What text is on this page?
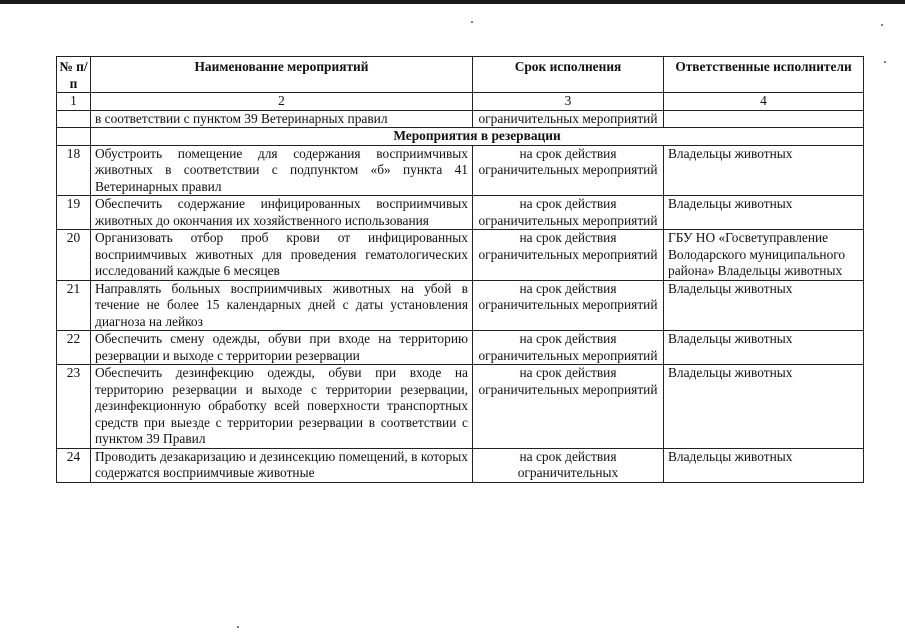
№ п/п	Наименование мероприятий	Срок исполнения	Ответственные исполнители
1	2	3	4
	в соответствии с пунктом 39 Ветеринарных правил	ограничительных мероприятий	
	Мероприятия в резервации		
18	Обустроить помещение для содержания восприимчивых животных в соответствии с подпунктом «б» пункта 41 Ветеринарных правил	на срок действия ограничительных мероприятий	Владельцы животных
19	Обеспечить содержание инфицированных восприимчивых животных до окончания их хозяйственного использования	на срок действия ограничительных мероприятий	Владельцы животных
20	Организовать отбор проб крови от инфицированных восприимчивых животных для проведения гематологических исследований каждые 6 месяцев	на срок действия ограничительных мероприятий	ГБУ НО «Госветуправление Володарского муниципального района» Владельцы животных
21	Направлять больных восприимчивых животных на убой в течение не более 15 календарных дней с даты установления диагноза на лейкоз	на срок действия ограничительных мероприятий	Владельцы животных
22	Обеспечить смену одежды, обуви при входе на территорию резервации и выходе с территории резервации	на срок действия ограничительных мероприятий	Владельцы животных
23	Обеспечить дезинфекцию одежды, обуви при входе на территорию резервации и выходе с территории резервации, дезинфекционную обработку всей поверхности транспортных средств при выезде с территории резервации в соответствии с пунктом 39 Правил	на срок действия ограничительных мероприятий	Владельцы животных
24	Проводить дезакаризацию и дезинсекцию помещений, в которых содержатся восприимчивые животные	на срок действия ограничительных	Владельцы животных
